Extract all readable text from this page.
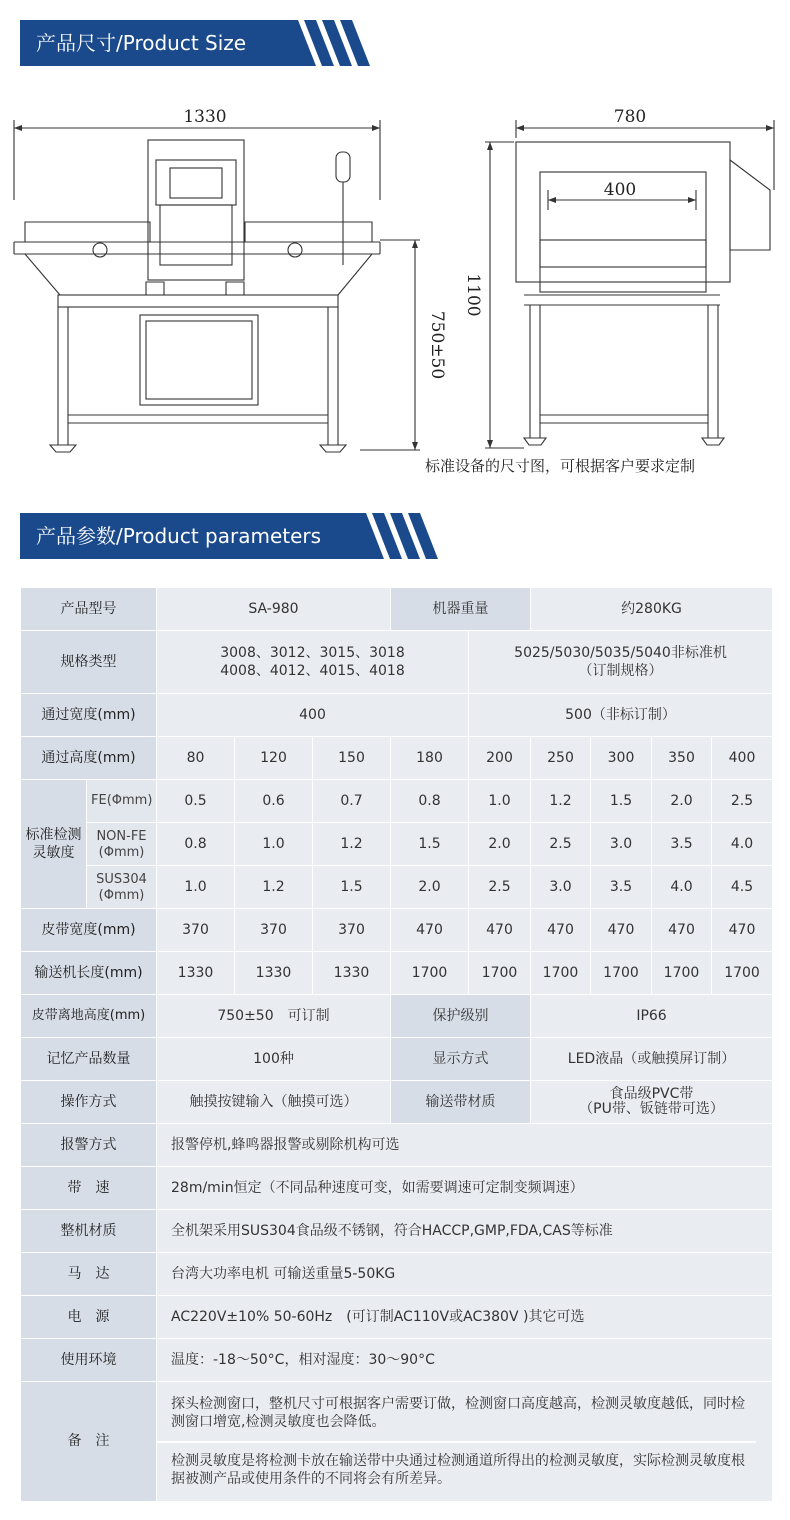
产品尺寸/Product Size
1330	780
400
1100
750±50
标准设备的尺寸图，可根据客户要求定制
产品参数/Product parameters
产品型号		SA-980			机器重量		约280KG			
规格类型		3008、3012、3015、3018
4008、4012、4015、4018				5025/5030/5035/5040非标准机
（订制规格）				

通过宽度(mm)		400				500（非标订制）				
通过高度(mm)		80	120	150	180	200	250	300	350	400

标准检测
灵敏度	FE(Φmm)	0.5	0.6	0.7	0.8	1.0	1.2	1.5	2.0	2.5

	NON-FE
(Φmm)	0.8	1.0	1.2	1.5	2.0	2.5	3.0	3.5	4.0

	SUS304
(Φmm)	1.0	1.2	1.5	2.0	2.5	3.0	3.5	4.0	4.5
皮带宽度(mm)		370	370	370	470	470	470	470	470	470
输送机长度(mm)		1330	1330	1330	1700	1700	1700	1700	1700	1700
皮带离地高度(mm)		750±50　可订制			保护级别		IP66			
记忆产品数量		100种			显示方式		LED液晶（或触摸屏订制）			
操作方式		触摸按键输入（触摸可选）			输送带材质		食品级PVC带
（PU带、钣链带可选）			

报警方式		报警停机,蜂鸣器报警或剔除机构可选								
带　速		28m/min恒定（不同品种速度可变，如需要调速可定制变频调速）								
整机材质		全机架采用SUS304食品级不锈钢，符合HACCP,GMP,FDA,CAS等标准								
马　达		台湾大功率电机 可输送重量5-50KG								
电　源		AC220V±10% 50-60Hz　(可订制AC110V或AC380V )其它可选								
使用环境		温度：-18～50°C，相对湿度：30～90°C								
备　注		探头检测窗口，整机尺寸可根据客户需要订做，检测窗口高度越高，检测灵敏度越低，同时检测窗口增宽,检测灵敏度也会降低。
检测灵敏度是将检测卡放在输送带中央通过检测通道所得出的检测灵敏度，实际检测灵敏度根据被测产品或使用条件的不同将会有所差异。								
